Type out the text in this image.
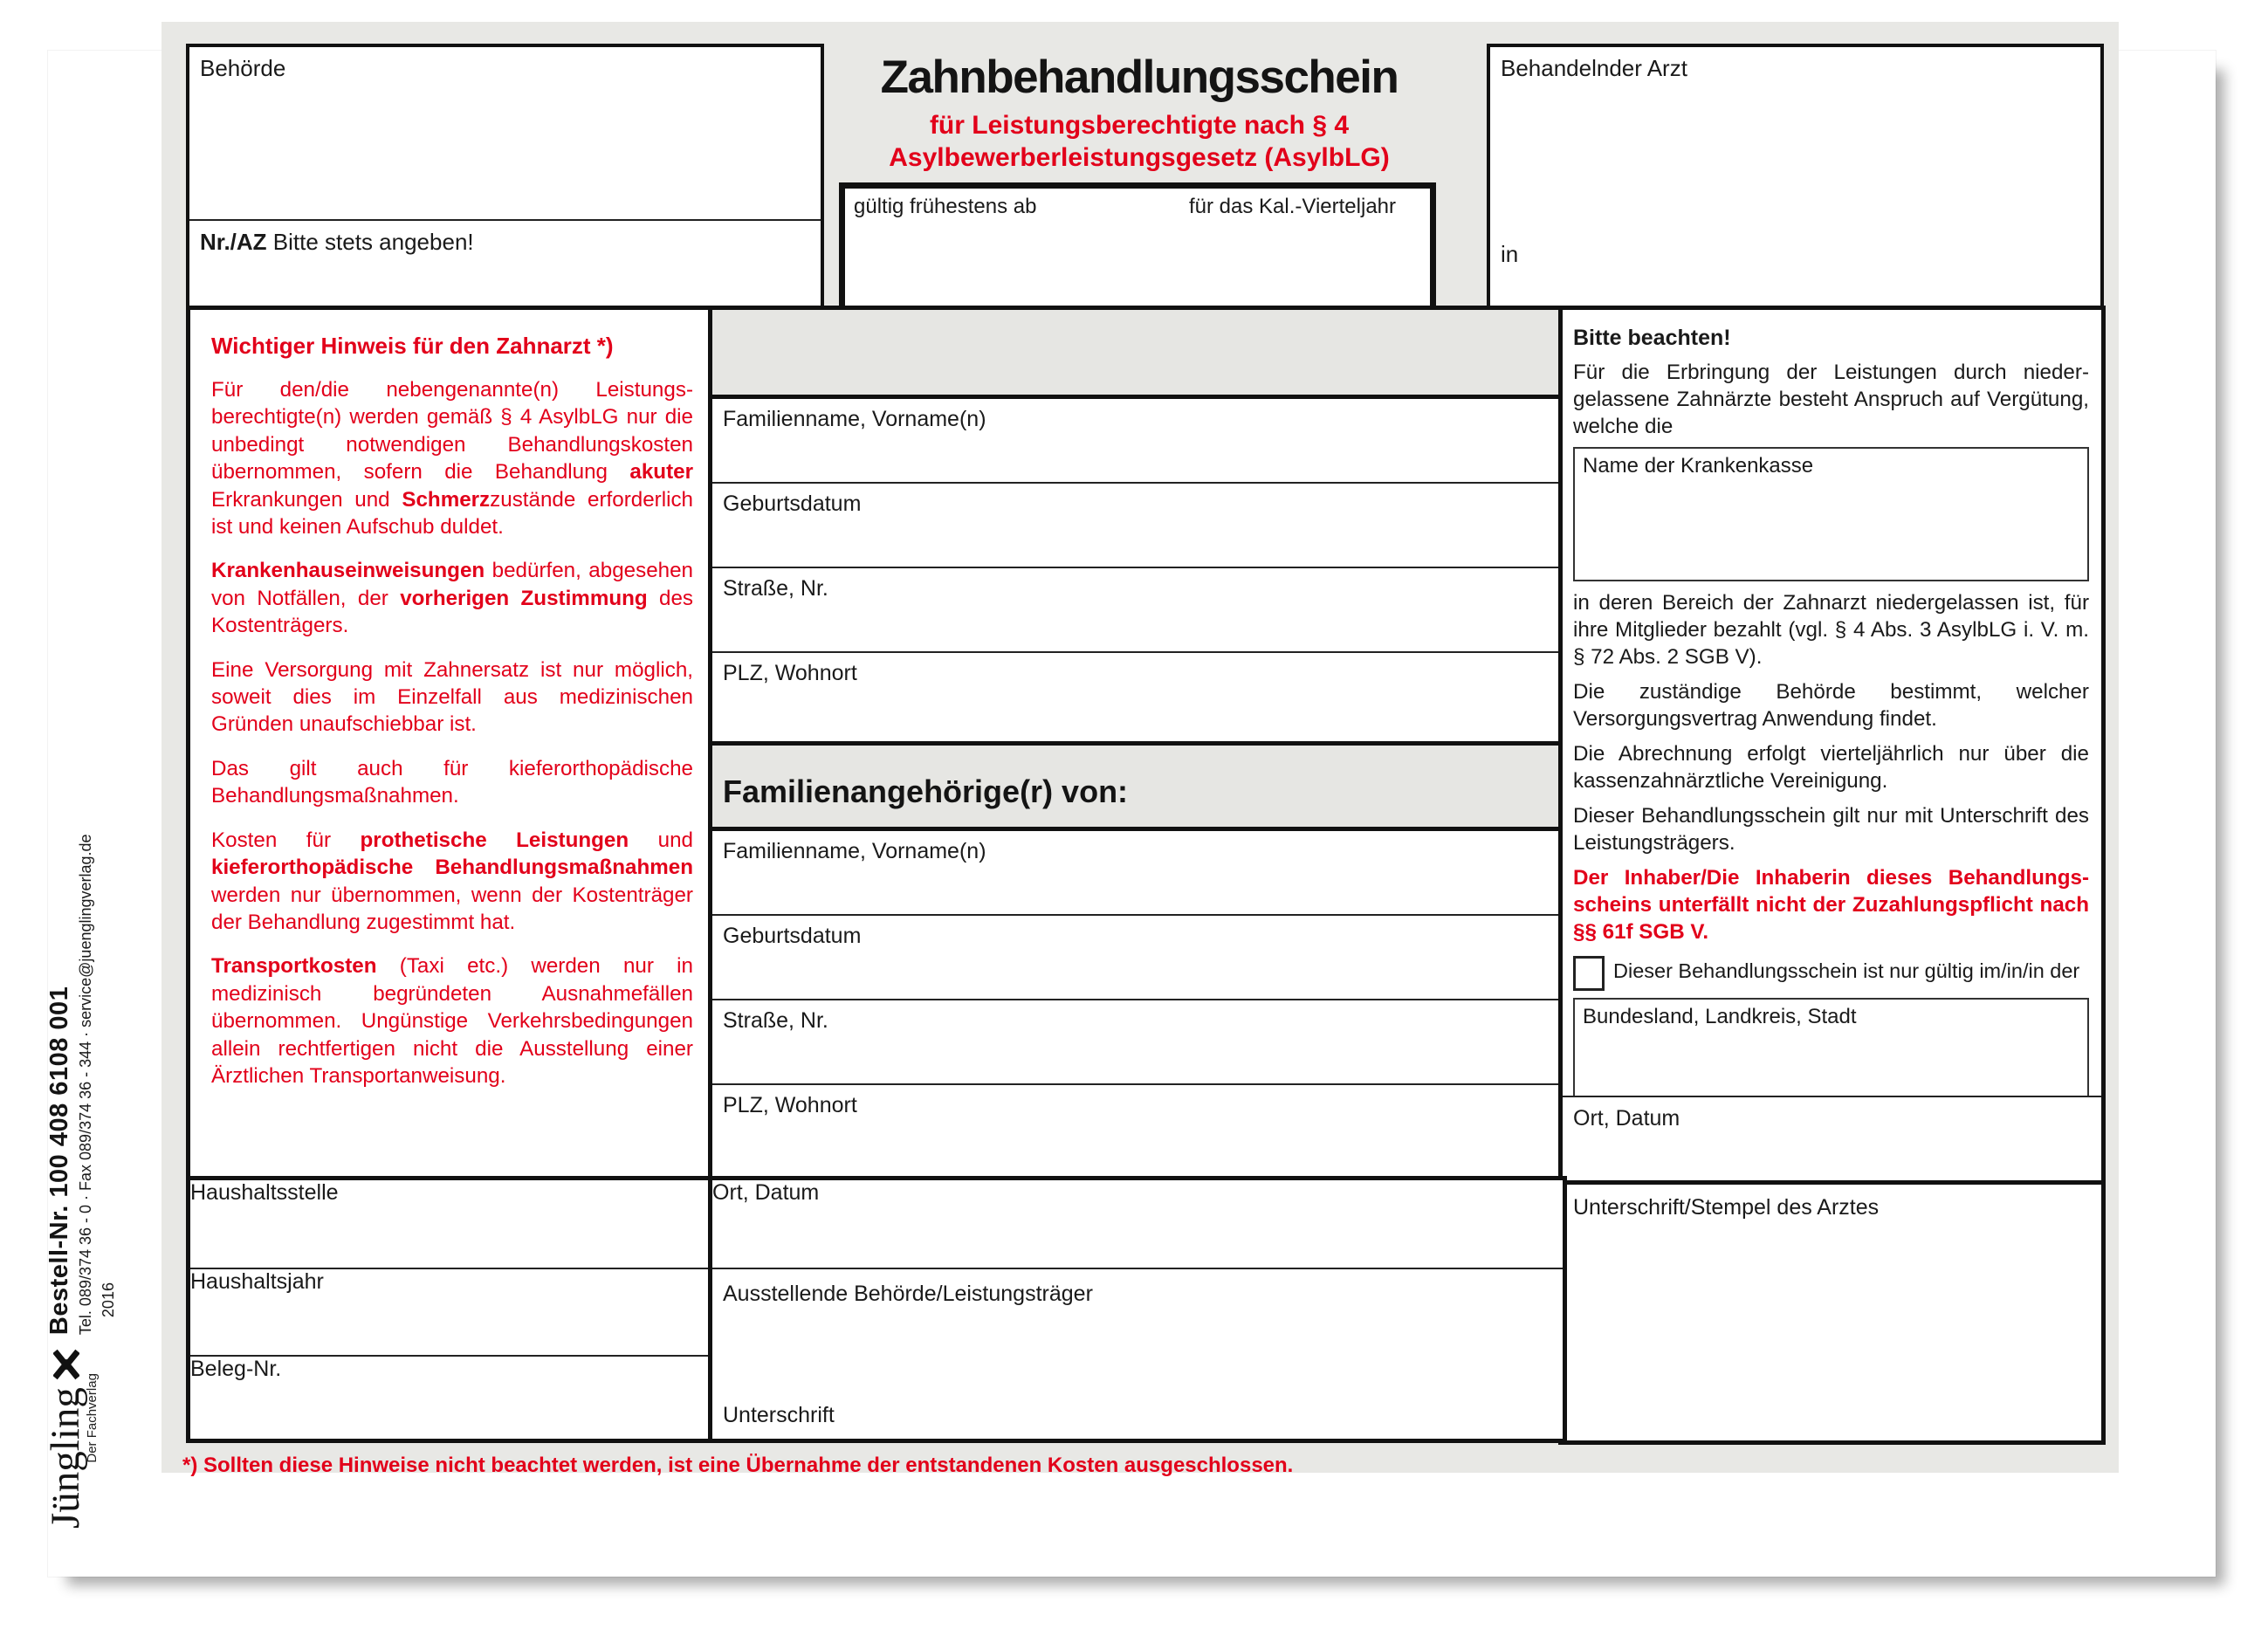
Jüngling
Der Fachverlag
Bestell-Nr. 100 408 6108 001 Tel. 089/374 36 - 0 · Fax 089/374 36 - 344 · service@juenglingverlag.de 2016
Behörde
Nr./AZ Bitte stets angeben!
Zahnbehandlungsschein
für Leistungsberechtigte nach § 4
Asylbewerberleistungsgesetz (AsylbLG)
gültig frühestens ab	für das Kal.-Vierteljahr
Behandelnder Arzt
in
Wichtiger Hinweis für den Zahnarzt *)

Für den/die nebengenannte(n) Leistungsberechtigte(n) werden gemäß § 4 AsylbLG nur die unbedingt notwendigen Behandlungskosten übernommen, sofern die Behandlung akuter Erkrankungen und Schmerzzustände erforderlich ist und keinen Aufschub duldet.

Krankenhauseinweisungen bedürfen, abgesehen von Notfällen, der vorherigen Zustimmung des Kostenträgers.

Eine Versorgung mit Zahnersatz ist nur möglich, soweit dies im Einzelfall aus medizinischen Gründen unaufschiebbar ist.

Das gilt auch für kieferorthopädische Behandlungsmaßnahmen.

Kosten für prothetische Leistungen und kieferorthopädische Behandlungsmaßnahmen werden nur übernommen, wenn der Kostenträger der Behandlung zugestimmt hat.

Transportkosten (Taxi etc.) werden nur in medizinisch begründeten Ausnahmefällen übernommen. Ungünstige Verkehrsbedingungen allein rechtfertigen nicht die Ausstellung einer Ärztlichen Transportanweisung.

Familienname, Vorname(n)
Geburtsdatum
Straße, Nr.
PLZ, Wohnort
Familienangehörige(r) von:
Familienname, Vorname(n)
Geburtsdatum
Straße, Nr.
PLZ, Wohnort
Bitte beachten!

Für die Erbringung der Leistungen durch niedergelassene Zahnärzte besteht Anspruch auf Vergütung, welche die

Name der Krankenkasse

in deren Bereich der Zahnarzt niedergelassen ist, für ihre Mitglieder bezahlt (vgl. § 4 Abs. 3 AsylbLG i. V. m. § 72 Abs. 2 SGB V).

Die zuständige Behörde bestimmt, welcher Versorgungsvertrag Anwendung findet.

Die Abrechnung erfolgt vierteljährlich nur über die kassenzahnärztliche Vereinigung.

Dieser Behandlungsschein gilt nur mit Unterschrift des Leistungsträgers.

Der Inhaber/Die Inhaberin dieses Behandlungsscheins unterfällt nicht der Zuzahlungspflicht nach §§ 61f SGB V.

Dieser Behandlungsschein ist nur gültig im/in/in der
Bundesland, Landkreis, Stadt
Ort, Datum
Unterschrift/Stempel des Arztes
Haushaltsstelle
Haushaltsjahr
Beleg-Nr.
Ort, Datum
Ausstellende Behörde/Leistungsträger
Unterschrift
*) Sollten diese Hinweise nicht beachtet werden, ist eine Übernahme der entstandenen Kosten ausgeschlossen.
